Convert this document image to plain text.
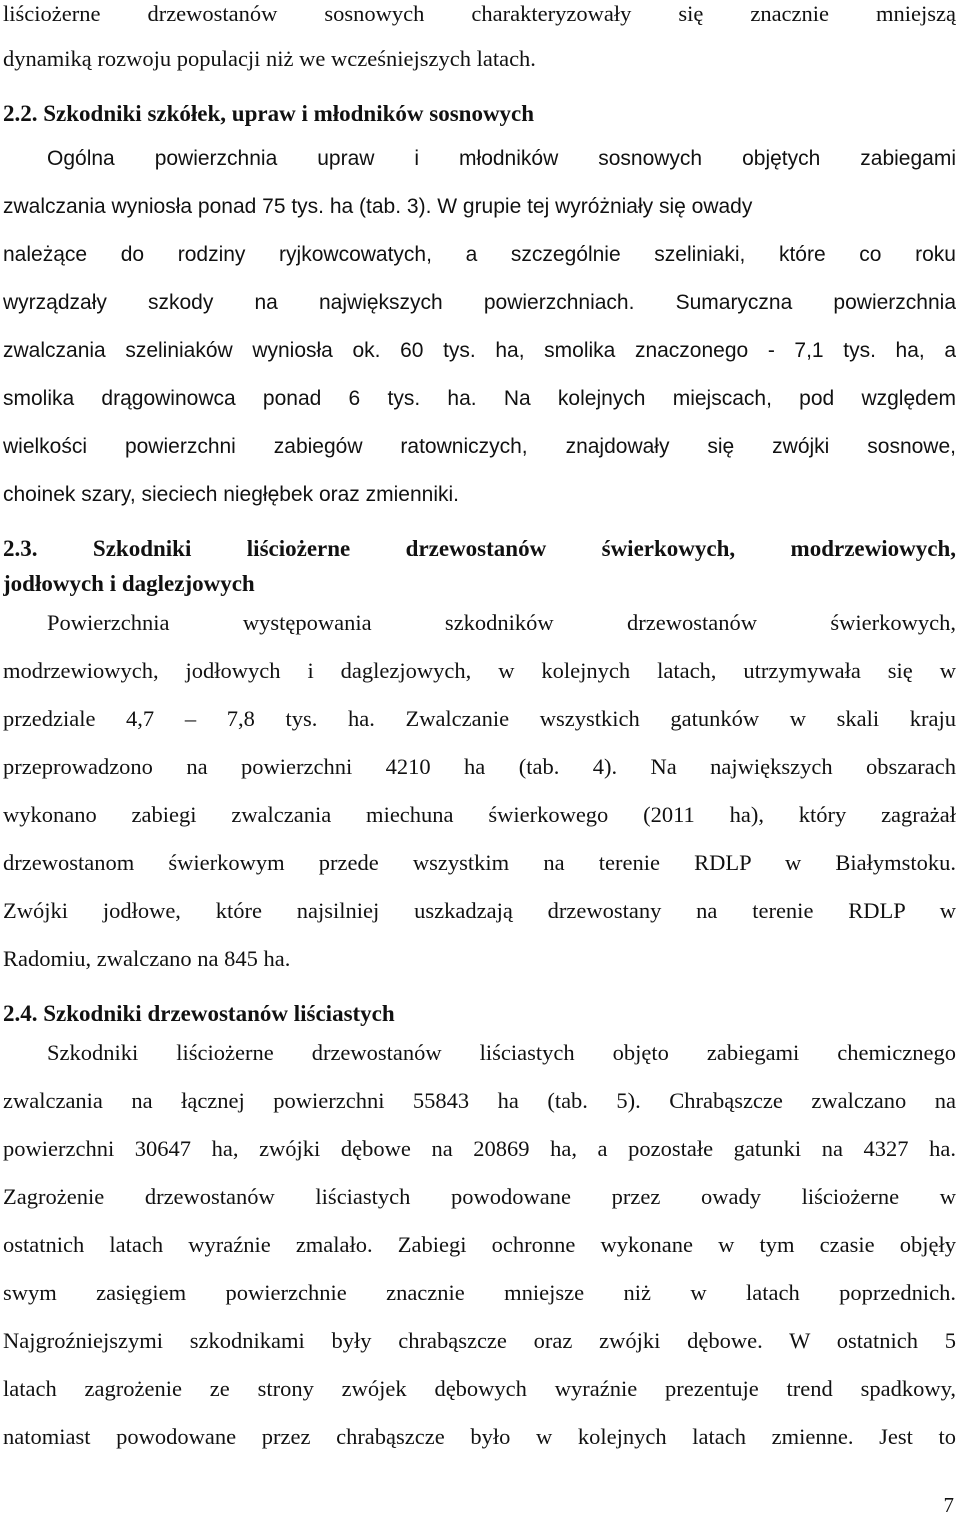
liściożerne drzewostanów sosnowych charakteryzowały się znacznie mniejszą
dynamiką rozwoju populacji niż we wcześniejszych latach.
2.2. Szkodniki szkółek, upraw i młodników sosnowych
Ogólna powierzchnia upraw i młodników sosnowych objętych zabiegami
zwalczania wyniosła ponad 75 tys. ha (tab. 3). W grupie tej wyróżniały się owady
należące do rodziny ryjkowcowatych, a szczególnie szeliniaki, które co roku
wyrządzały szkody na największych powierzchniach. Sumaryczna powierzchnia
zwalczania szeliniaków wyniosła ok. 60 tys. ha, smolika znaczonego - 7,1 tys. ha, a
smolika drągowinowca ponad 6 tys. ha. Na kolejnych miejscach, pod względem
wielkości powierzchni zabiegów ratowniczych, znajdowały się zwójki sosnowe,
choinek szary, sieciech niegłębek oraz zmienniki.
2.3. Szkodniki liściożerne drzewostanów świerkowych, modrzewiowych,
jodłowych i daglezjowych
Powierzchnia występowania szkodników drzewostanów świerkowych,
modrzewiowych, jodłowych i daglezjowych, w kolejnych latach, utrzymywała się w
przedziale 4,7 – 7,8 tys. ha. Zwalczanie wszystkich gatunków w skali kraju
przeprowadzono na powierzchni 4210 ha (tab. 4). Na największych obszarach
wykonano zabiegi zwalczania miechuna świerkowego (2011 ha), który zagrażał
drzewostanom świerkowym przede wszystkim na terenie RDLP w Białymstoku.
Zwójki jodłowe, które najsilniej uszkadzają drzewostany na terenie RDLP w
Radomiu, zwalczano na 845 ha.
2.4. Szkodniki drzewostanów liściastych
Szkodniki liściożerne drzewostanów liściastych objęto zabiegami chemicznego
zwalczania na łącznej powierzchni 55843 ha (tab. 5). Chrabąszcze zwalczano na
powierzchni 30647 ha, zwójki dębowe na 20869 ha, a pozostałe gatunki na 4327 ha.
Zagrożenie drzewostanów liściastych powodowane przez owady liściożerne w
ostatnich latach wyraźnie zmalało. Zabiegi ochronne wykonane w tym czasie objęły
swym zasięgiem powierzchnie znacznie mniejsze niż w latach poprzednich.
Najgroźniejszymi szkodnikami były chrabąszcze oraz zwójki dębowe. W ostatnich 5
latach zagrożenie ze strony zwójek dębowych wyraźnie prezentuje trend spadkowy,
natomiast powodowane przez chrabąszcze było w kolejnych latach zmienne. Jest to
7
